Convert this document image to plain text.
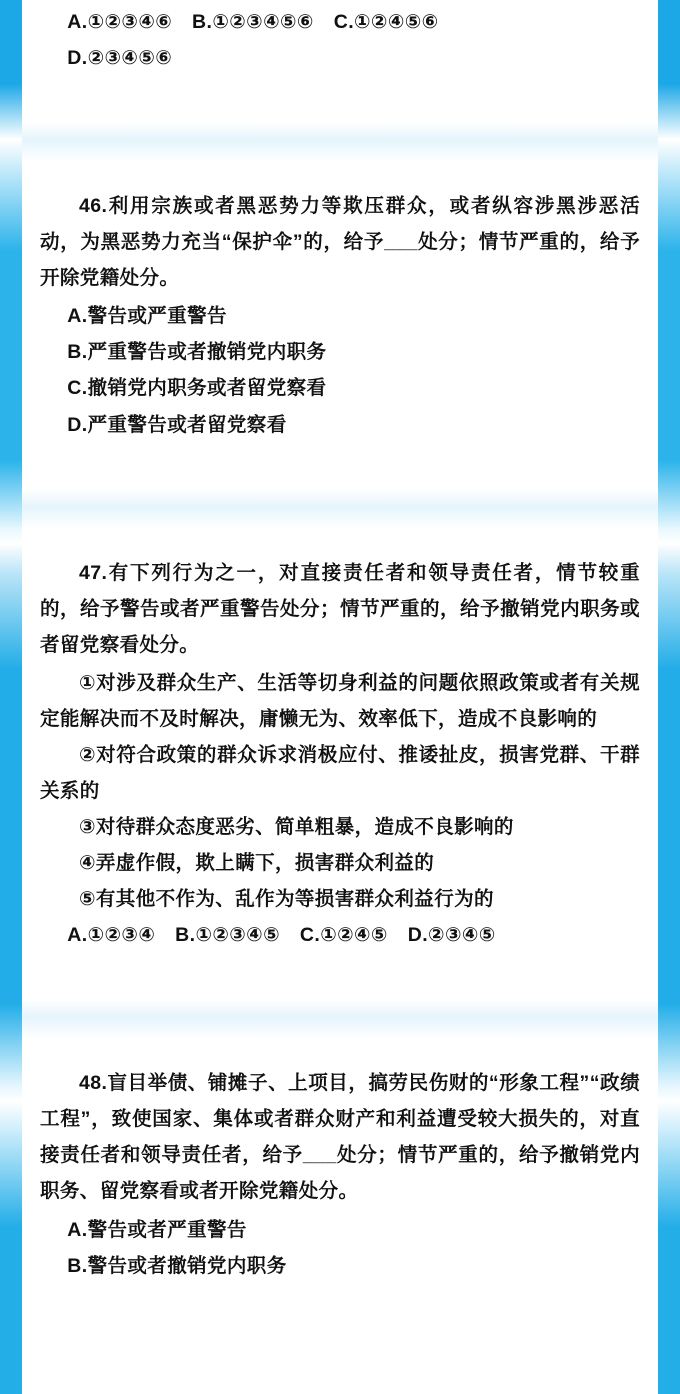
A.①②③④⑥　B.①②③④⑤⑥　C.①②④⑤⑥

D.②③④⑤⑥

46.利用宗族或者黑恶势力等欺压群众，或者纵容涉黑涉恶活动，为黑恶势力充当“保护伞”的，给予___处分；情节严重的，给予开除党籍处分。

A.警告或严重警告

B.严重警告或者撤销党内职务

C.撤销党内职务或者留党察看

D.严重警告或者留党察看

47.有下列行为之一，对直接责任者和领导责任者，情节较重的，给予警告或者严重警告处分；情节严重的，给予撤销党内职务或者留党察看处分。

①对涉及群众生产、生活等切身利益的问题依照政策或者有关规定能解决而不及时解决，庸懒无为、效率低下，造成不良影响的

②对符合政策的群众诉求消极应付、推诿扯皮，损害党群、干群关系的

③对待群众态度恶劣、简单粗暴，造成不良影响的

④弄虚作假，欺上瞒下，损害群众利益的

⑤有其他不作为、乱作为等损害群众利益行为的

A.①②③④　B.①②③④⑤　C.①②④⑤　D.②③④⑤

48.盲目举债、铺摊子、上项目，搞劳民伤财的“形象工程”“政绩工程”，致使国家、集体或者群众财产和利益遭受较大损失的，对直接责任者和领导责任者，给予___处分；情节严重的，给予撤销党内职务、留党察看或者开除党籍处分。

A.警告或者严重警告

B.警告或者撤销党内职务
